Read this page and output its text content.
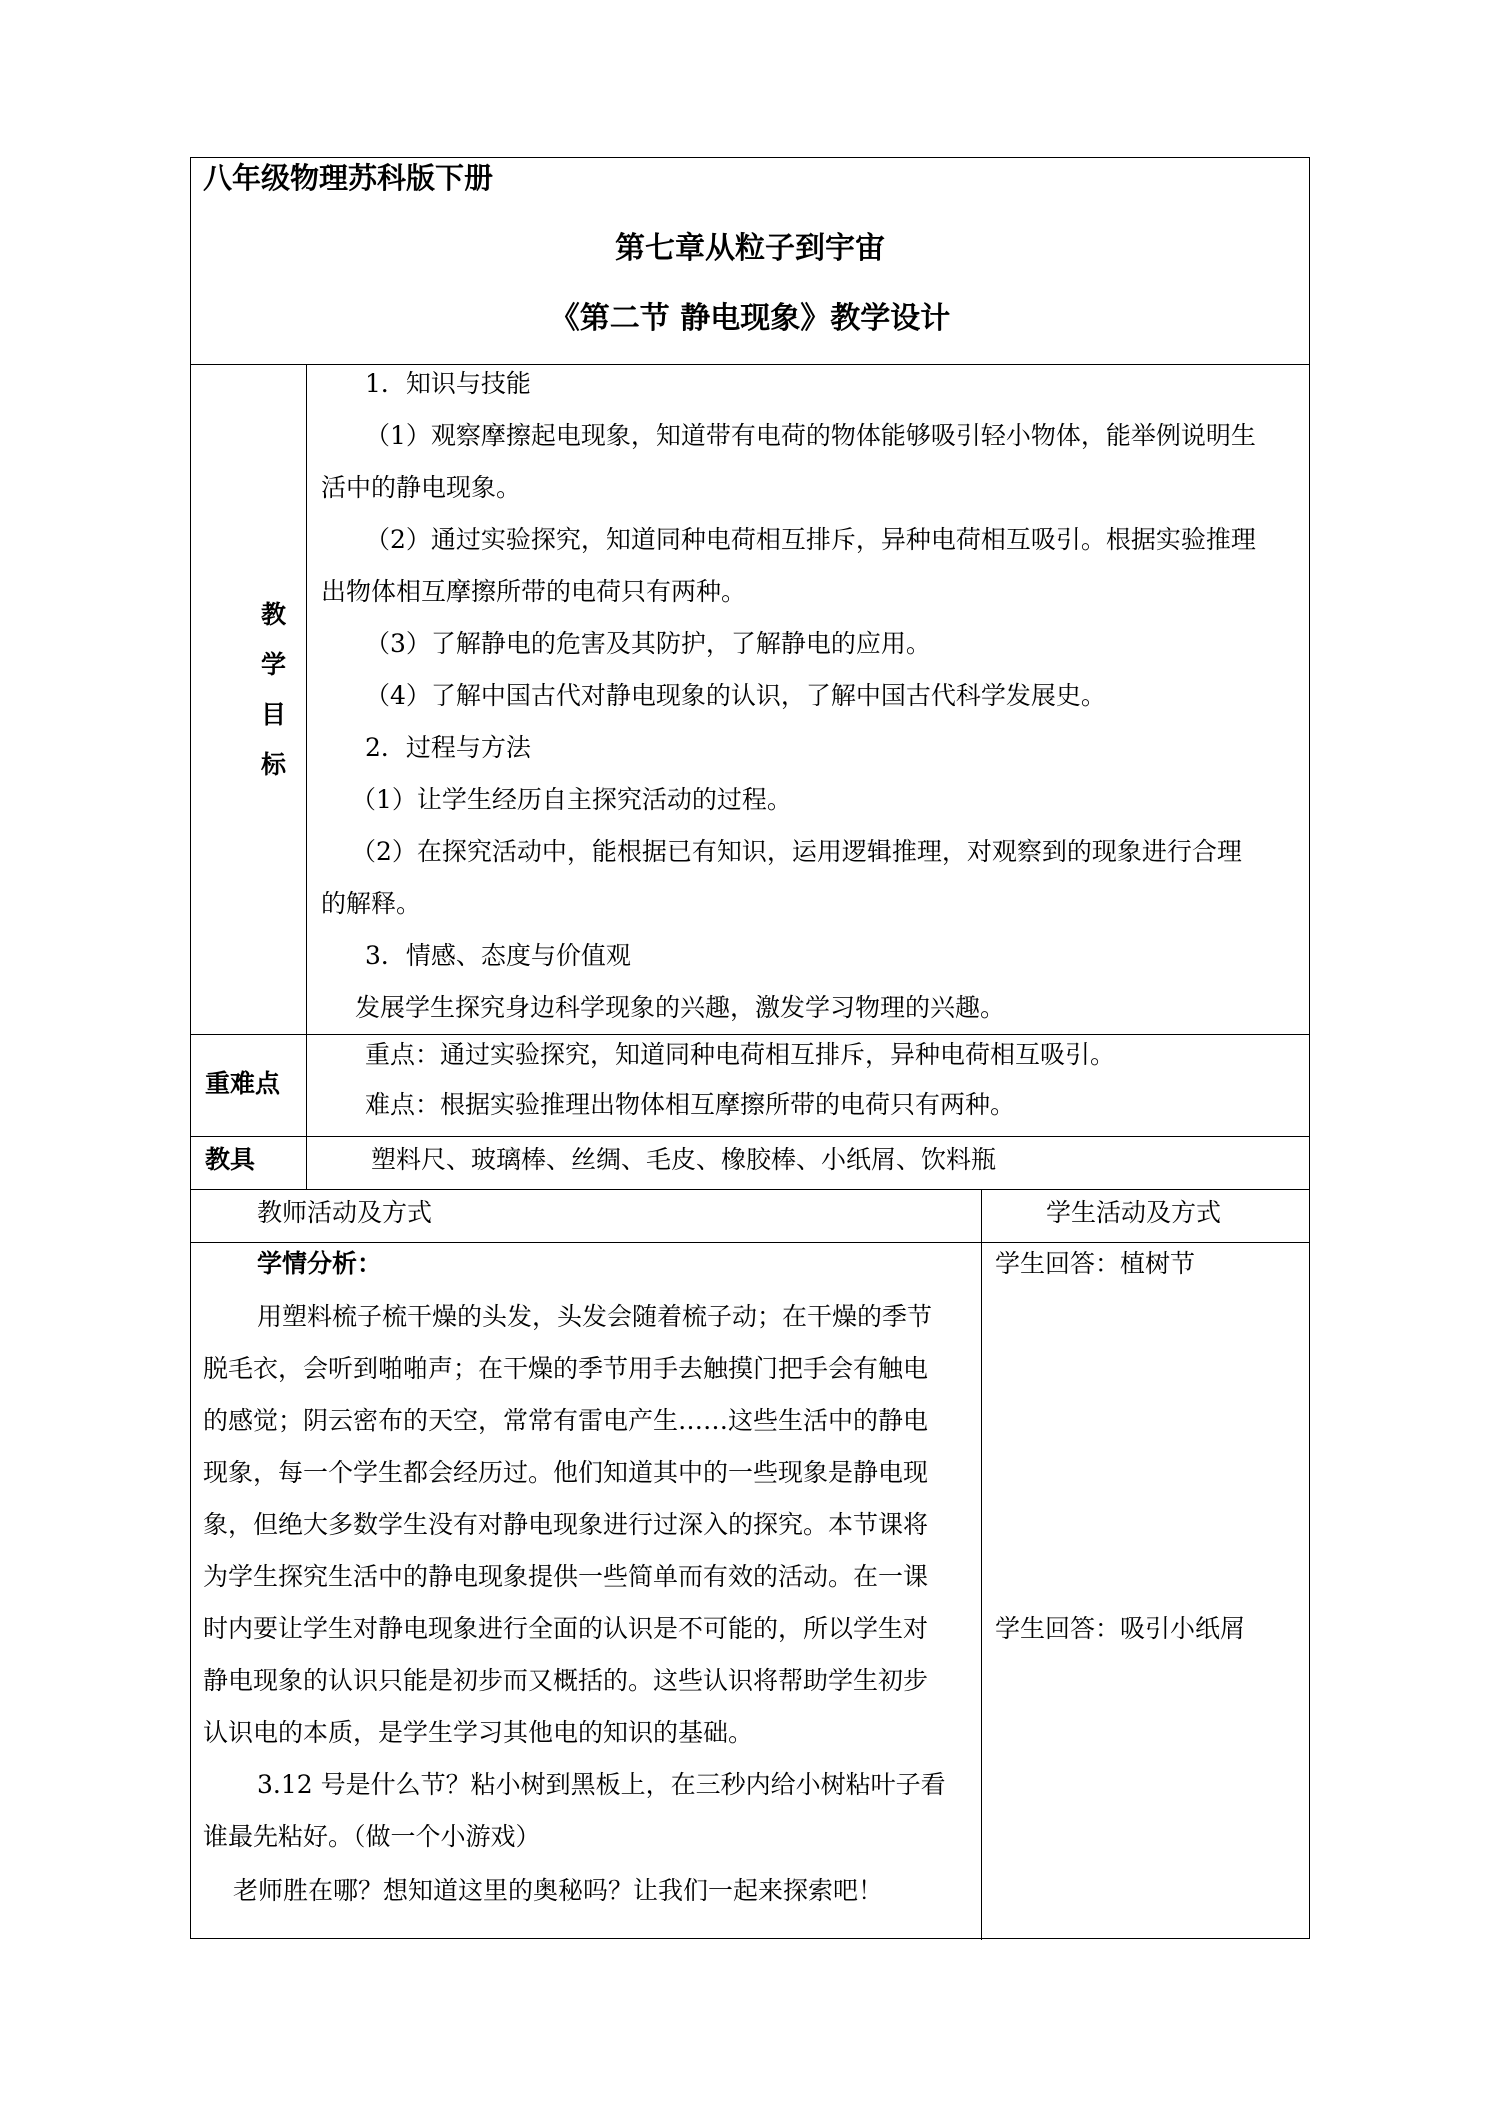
八年级物理苏科版下册
第七章从粒子到宇宙
《第二节 静电现象》教学设计
教
学
目
标
1．知识与技能
（1）观察摩擦起电现象，知道带有电荷的物体能够吸引轻小物体，能举例说明生
活中的静电现象。
（2）通过实验探究，知道同种电荷相互排斥，异种电荷相互吸引。根据实验推理
出物体相互摩擦所带的电荷只有两种。
（3）了解静电的危害及其防护，了解静电的应用。
（4）了解中国古代对静电现象的认识，了解中国古代科学发展史。
2．过程与方法
（1）让学生经历自主探究活动的过程。
（2）在探究活动中，能根据已有知识，运用逻辑推理，对观察到的现象进行合理
的解释。
3．情感、态度与价值观
发展学生探究身边科学现象的兴趣，激发学习物理的兴趣。
重难点
重点：通过实验探究，知道同种电荷相互排斥，异种电荷相互吸引。
难点：根据实验推理出物体相互摩擦所带的电荷只有两种。
教具	塑料尺、玻璃棒、丝绸、毛皮、橡胶棒、小纸屑、饮料瓶
教师活动及方式	学生活动及方式
学情分析：
用塑料梳子梳干燥的头发，头发会随着梳子动；在干燥的季节
脱毛衣，会听到啪啪声；在干燥的季节用手去触摸门把手会有触电
的感觉；阴云密布的天空，常常有雷电产生……这些生活中的静电
现象，每一个学生都会经历过。他们知道其中的一些现象是静电现
象，但绝大多数学生没有对静电现象进行过深入的探究。本节课将
为学生探究生活中的静电现象提供一些简单而有效的活动。在一课
时内要让学生对静电现象进行全面的认识是不可能的，所以学生对
静电现象的认识只能是初步而又概括的。这些认识将帮助学生初步
认识电的本质，是学生学习其他电的知识的基础。
3.12 号是什么节？粘小树到黑板上，在三秒内给小树粘叶子看
谁最先粘好。（做一个小游戏）
老师胜在哪？想知道这里的奥秘吗？让我们一起来探索吧！
学生回答：植树节
学生回答：吸引小纸屑
